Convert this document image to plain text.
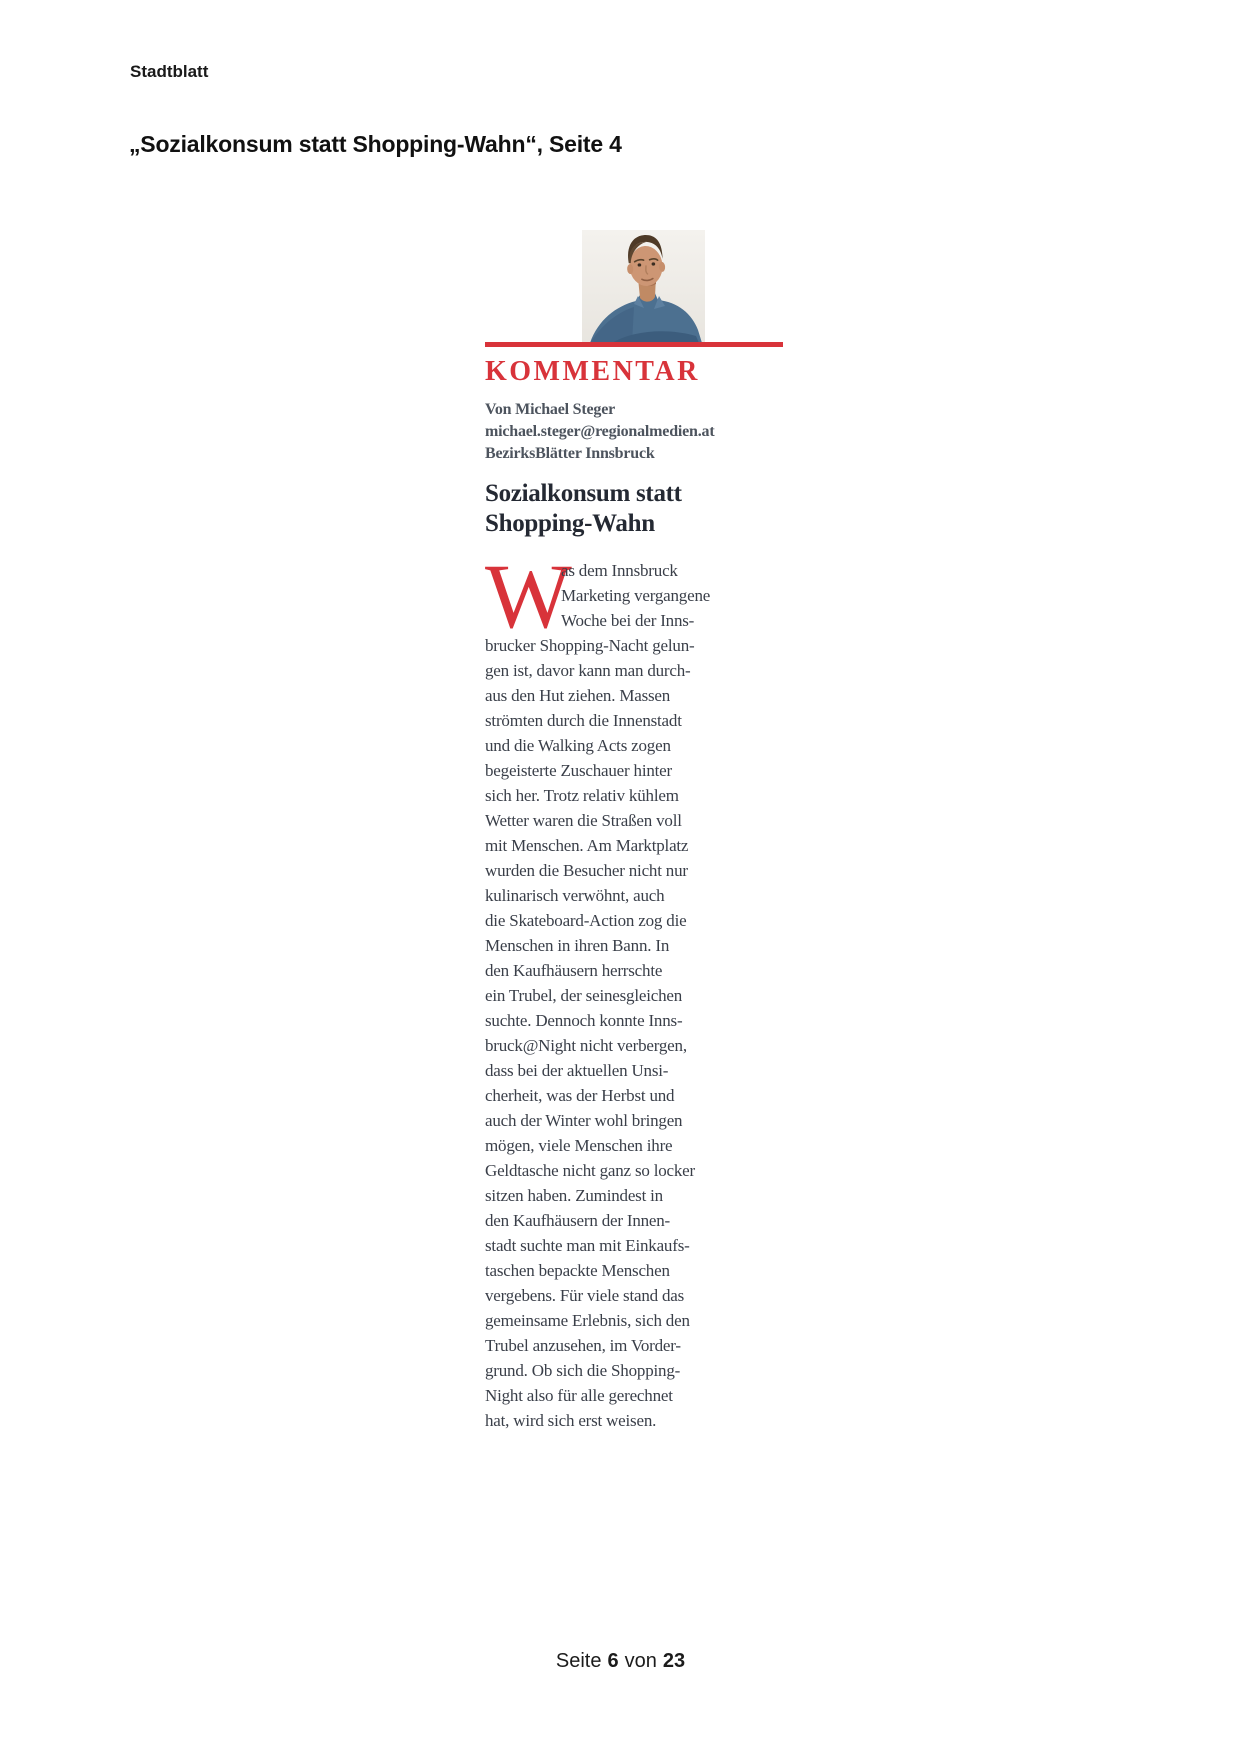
Stadtblatt
„Sozialkonsum statt Shopping-Wahn“, Seite 4
KOMMENTAR
Von Michael Steger
michael.steger@regionalmedien.at
BezirksBlätter Innsbruck
Sozialkonsum statt
Shopping-Wahn
W
as dem Innsbruck
Marketing vergangene
Woche bei der Inns-
brucker Shopping-Nacht gelun-
gen ist, davor kann man durch-
aus den Hut ziehen. Massen
strömten durch die Innenstadt
und die Walking Acts zogen
begeisterte Zuschauer hinter
sich her. Trotz relativ kühlem
Wetter waren die Straßen voll
mit Menschen. Am Marktplatz
wurden die Besucher nicht nur
kulinarisch verwöhnt, auch
die Skateboard-Action zog die
Menschen in ihren Bann. In
den Kaufhäusern herrschte
ein Trubel, der seinesgleichen
suchte. Dennoch konnte Inns-
bruck@Night nicht verbergen,
dass bei der aktuellen Unsi-
cherheit, was der Herbst und
auch der Winter wohl bringen
mögen, viele Menschen ihre
Geldtasche nicht ganz so locker
sitzen haben. Zumindest in
den Kaufhäusern der Innen-
stadt suchte man mit Einkaufs-
taschen bepackte Menschen
vergebens. Für viele stand das
gemeinsame Erlebnis, sich den
Trubel anzusehen, im Vorder-
grund. Ob sich die Shopping-
Night also für alle gerechnet
hat, wird sich erst weisen.
Seite 6 von 23
